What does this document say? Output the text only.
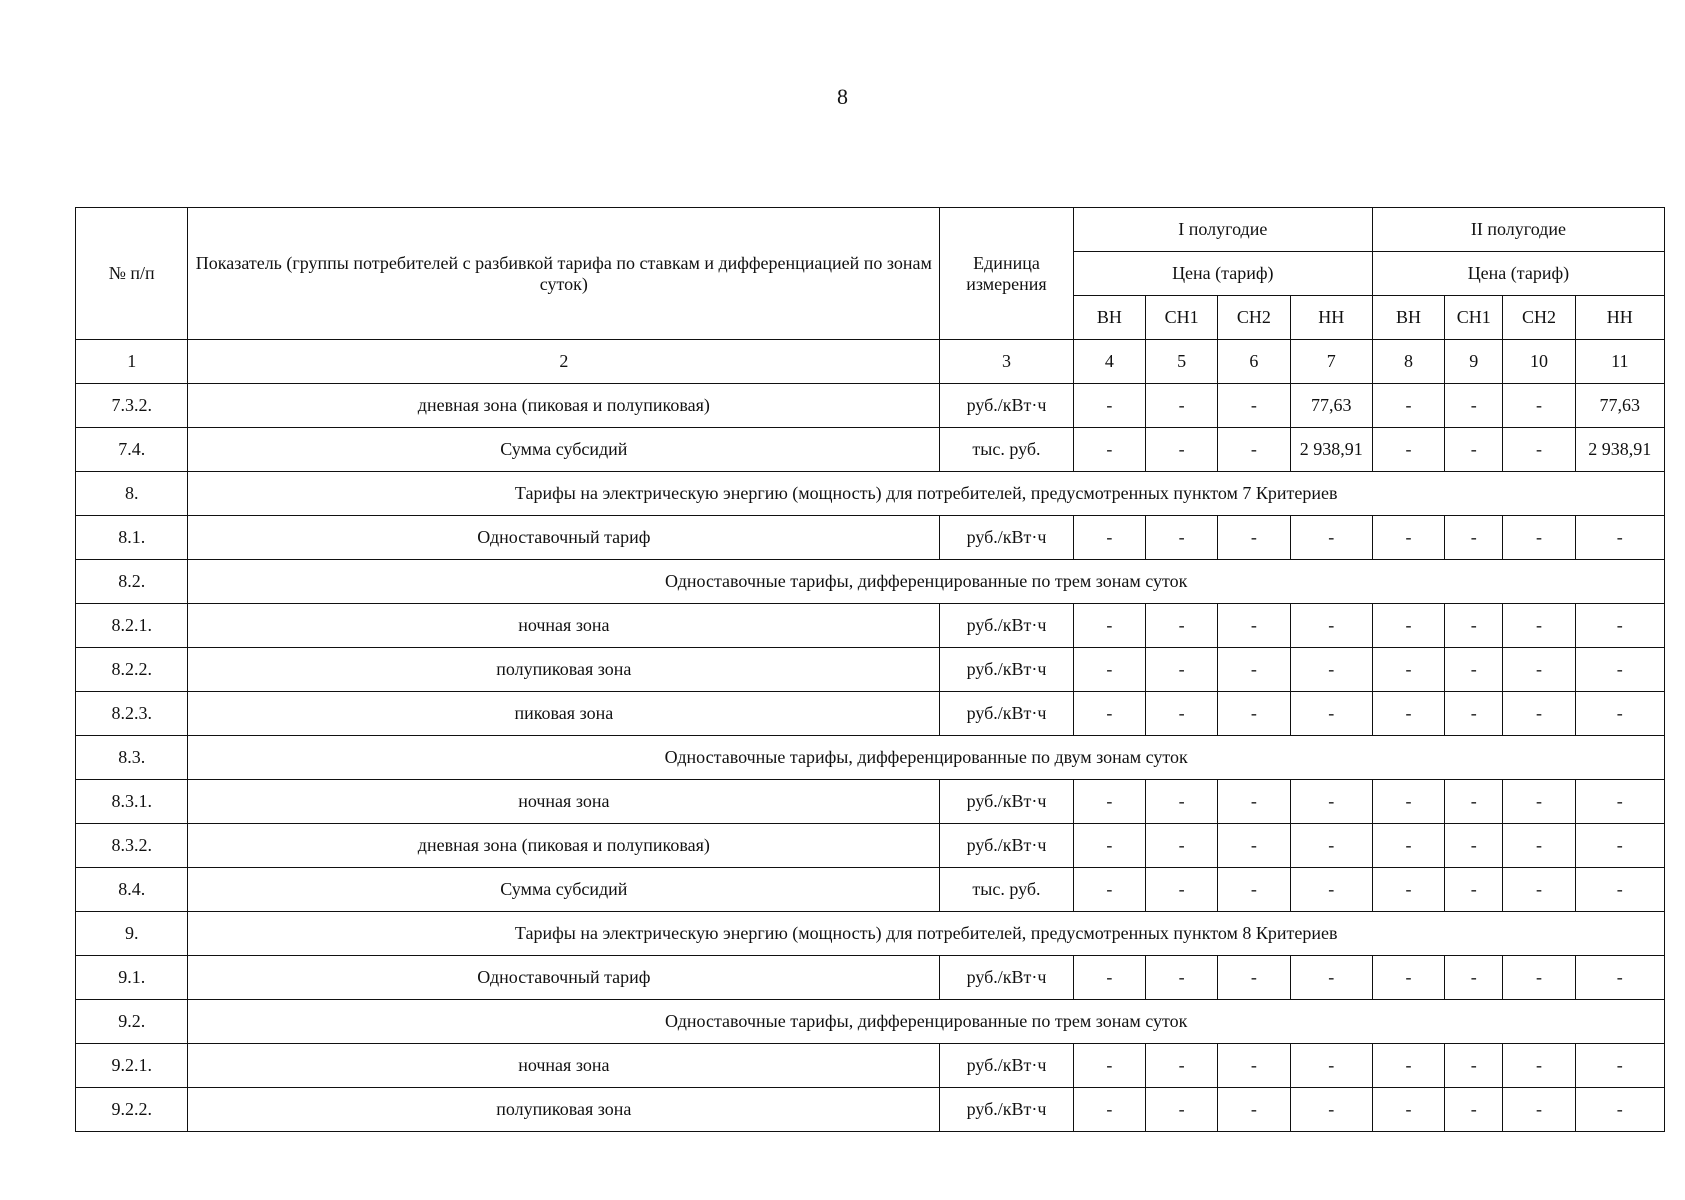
8
№ п/п	Показатель (группы потребителей с разбивкой тарифа по ставкам и дифференциацией по зонам суток)	Единица измерения	I полугодие				II полугодие			
			Цена (тариф)				Цена (тариф)			
			ВН	СН1	СН2	НН	ВН	СН1	СН2	НН
1	2	3	4	5	6	7	8	9	10	11
7.3.2.	дневная зона (пиковая и полупиковая)	руб./кВт·ч	-	-	-	77,63	-	-	-	77,63
7.4.	Сумма субсидий	тыс. руб.	-	-	-	2 938,91	-	-	-	2 938,91
8.	Тарифы на электрическую энергию (мощность) для потребителей, предусмотренных пунктом 7 Критериев									
8.1.	Одноставочный тариф	руб./кВт·ч	-	-	-	-	-	-	-	-
8.2.	Одноставочные тарифы, дифференцированные по трем зонам суток									
8.2.1.	ночная зона	руб./кВт·ч	-	-	-	-	-	-	-	-
8.2.2.	полупиковая зона	руб./кВт·ч	-	-	-	-	-	-	-	-
8.2.3.	пиковая зона	руб./кВт·ч	-	-	-	-	-	-	-	-
8.3.	Одноставочные тарифы, дифференцированные по двум зонам суток									
8.3.1.	ночная зона	руб./кВт·ч	-	-	-	-	-	-	-	-
8.3.2.	дневная зона (пиковая и полупиковая)	руб./кВт·ч	-	-	-	-	-	-	-	-
8.4.	Сумма субсидий	тыс. руб.	-	-	-	-	-	-	-	-
9.	Тарифы на электрическую энергию (мощность) для потребителей, предусмотренных пунктом 8 Критериев									
9.1.	Одноставочный тариф	руб./кВт·ч	-	-	-	-	-	-	-	-
9.2.	Одноставочные тарифы, дифференцированные по трем зонам суток									
9.2.1.	ночная зона	руб./кВт·ч	-	-	-	-	-	-	-	-
9.2.2.	полупиковая зона	руб./кВт·ч	-	-	-	-	-	-	-	-
